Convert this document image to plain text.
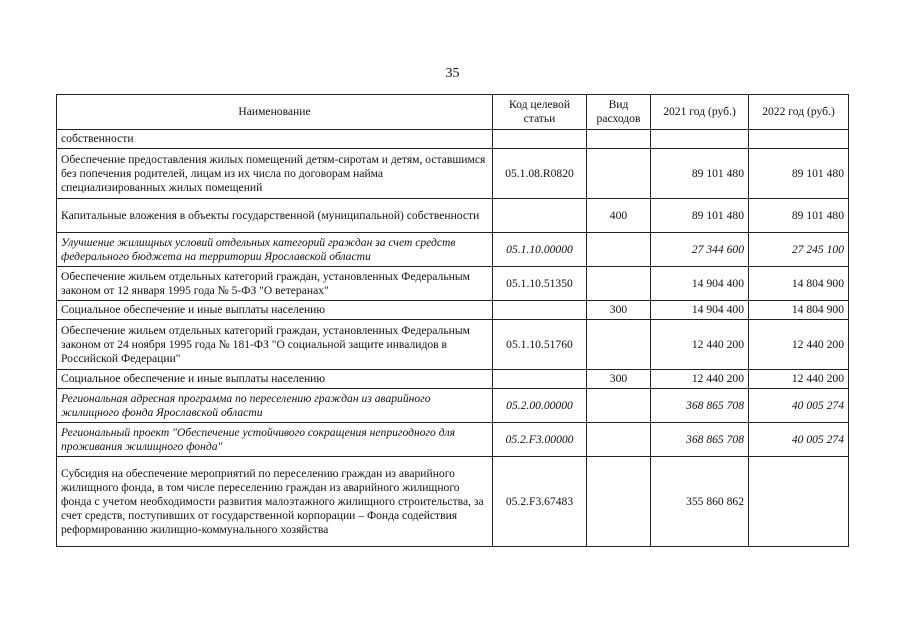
35
Наименование	Код целевой статьи	Вид расходов	2021 год (руб.)	2022 год (руб.)
собственности				
Обеспечение предоставления жилых помещений детям-сиротам и детям, оставшимся без попечения родителей, лицам из их числа по договорам найма специализированных жилых помещений	05.1.08.R0820		89 101 480	89 101 480
Капитальные вложения в объекты государственной (муниципальной) собственности		400	89 101 480	89 101 480
Улучшение жилищных условий отдельных категорий граждан за счет средств федерального бюджета на территории Ярославской области	05.1.10.00000		27 344 600	27 245 100
Обеспечение жильем отдельных категорий граждан, установленных Федеральным законом от 12 января 1995 года № 5-ФЗ "О ветеранах"	05.1.10.51350		14 904 400	14 804 900
Социальное обеспечение и иные выплаты населению		300	14 904 400	14 804 900
Обеспечение жильем отдельных категорий граждан, установленных Федеральным законом от 24 ноября 1995 года № 181-ФЗ "О социальной защите инвалидов в Российской Федерации"	05.1.10.51760		12 440 200	12 440 200
Социальное обеспечение и иные выплаты населению		300	12 440 200	12 440 200
Региональная адресная программа по переселению граждан из аварийного жилищного фонда Ярославской области	05.2.00.00000		368 865 708	40 005 274
Региональный проект "Обеспечение устойчивого сокращения непригодного для проживания жилищного фонда"	05.2.F3.00000		368 865 708	40 005 274
Субсидия на обеспечение мероприятий по переселению граждан из аварийного жилищного фонда, в том числе переселению граждан из аварийного жилищного фонда с учетом необходимости развития малоэтажного жилищного строительства, за счет средств, поступивших от государственной корпорации – Фонда содействия реформированию жилищно-коммунального хозяйства	05.2.F3.67483		355 860 862	
